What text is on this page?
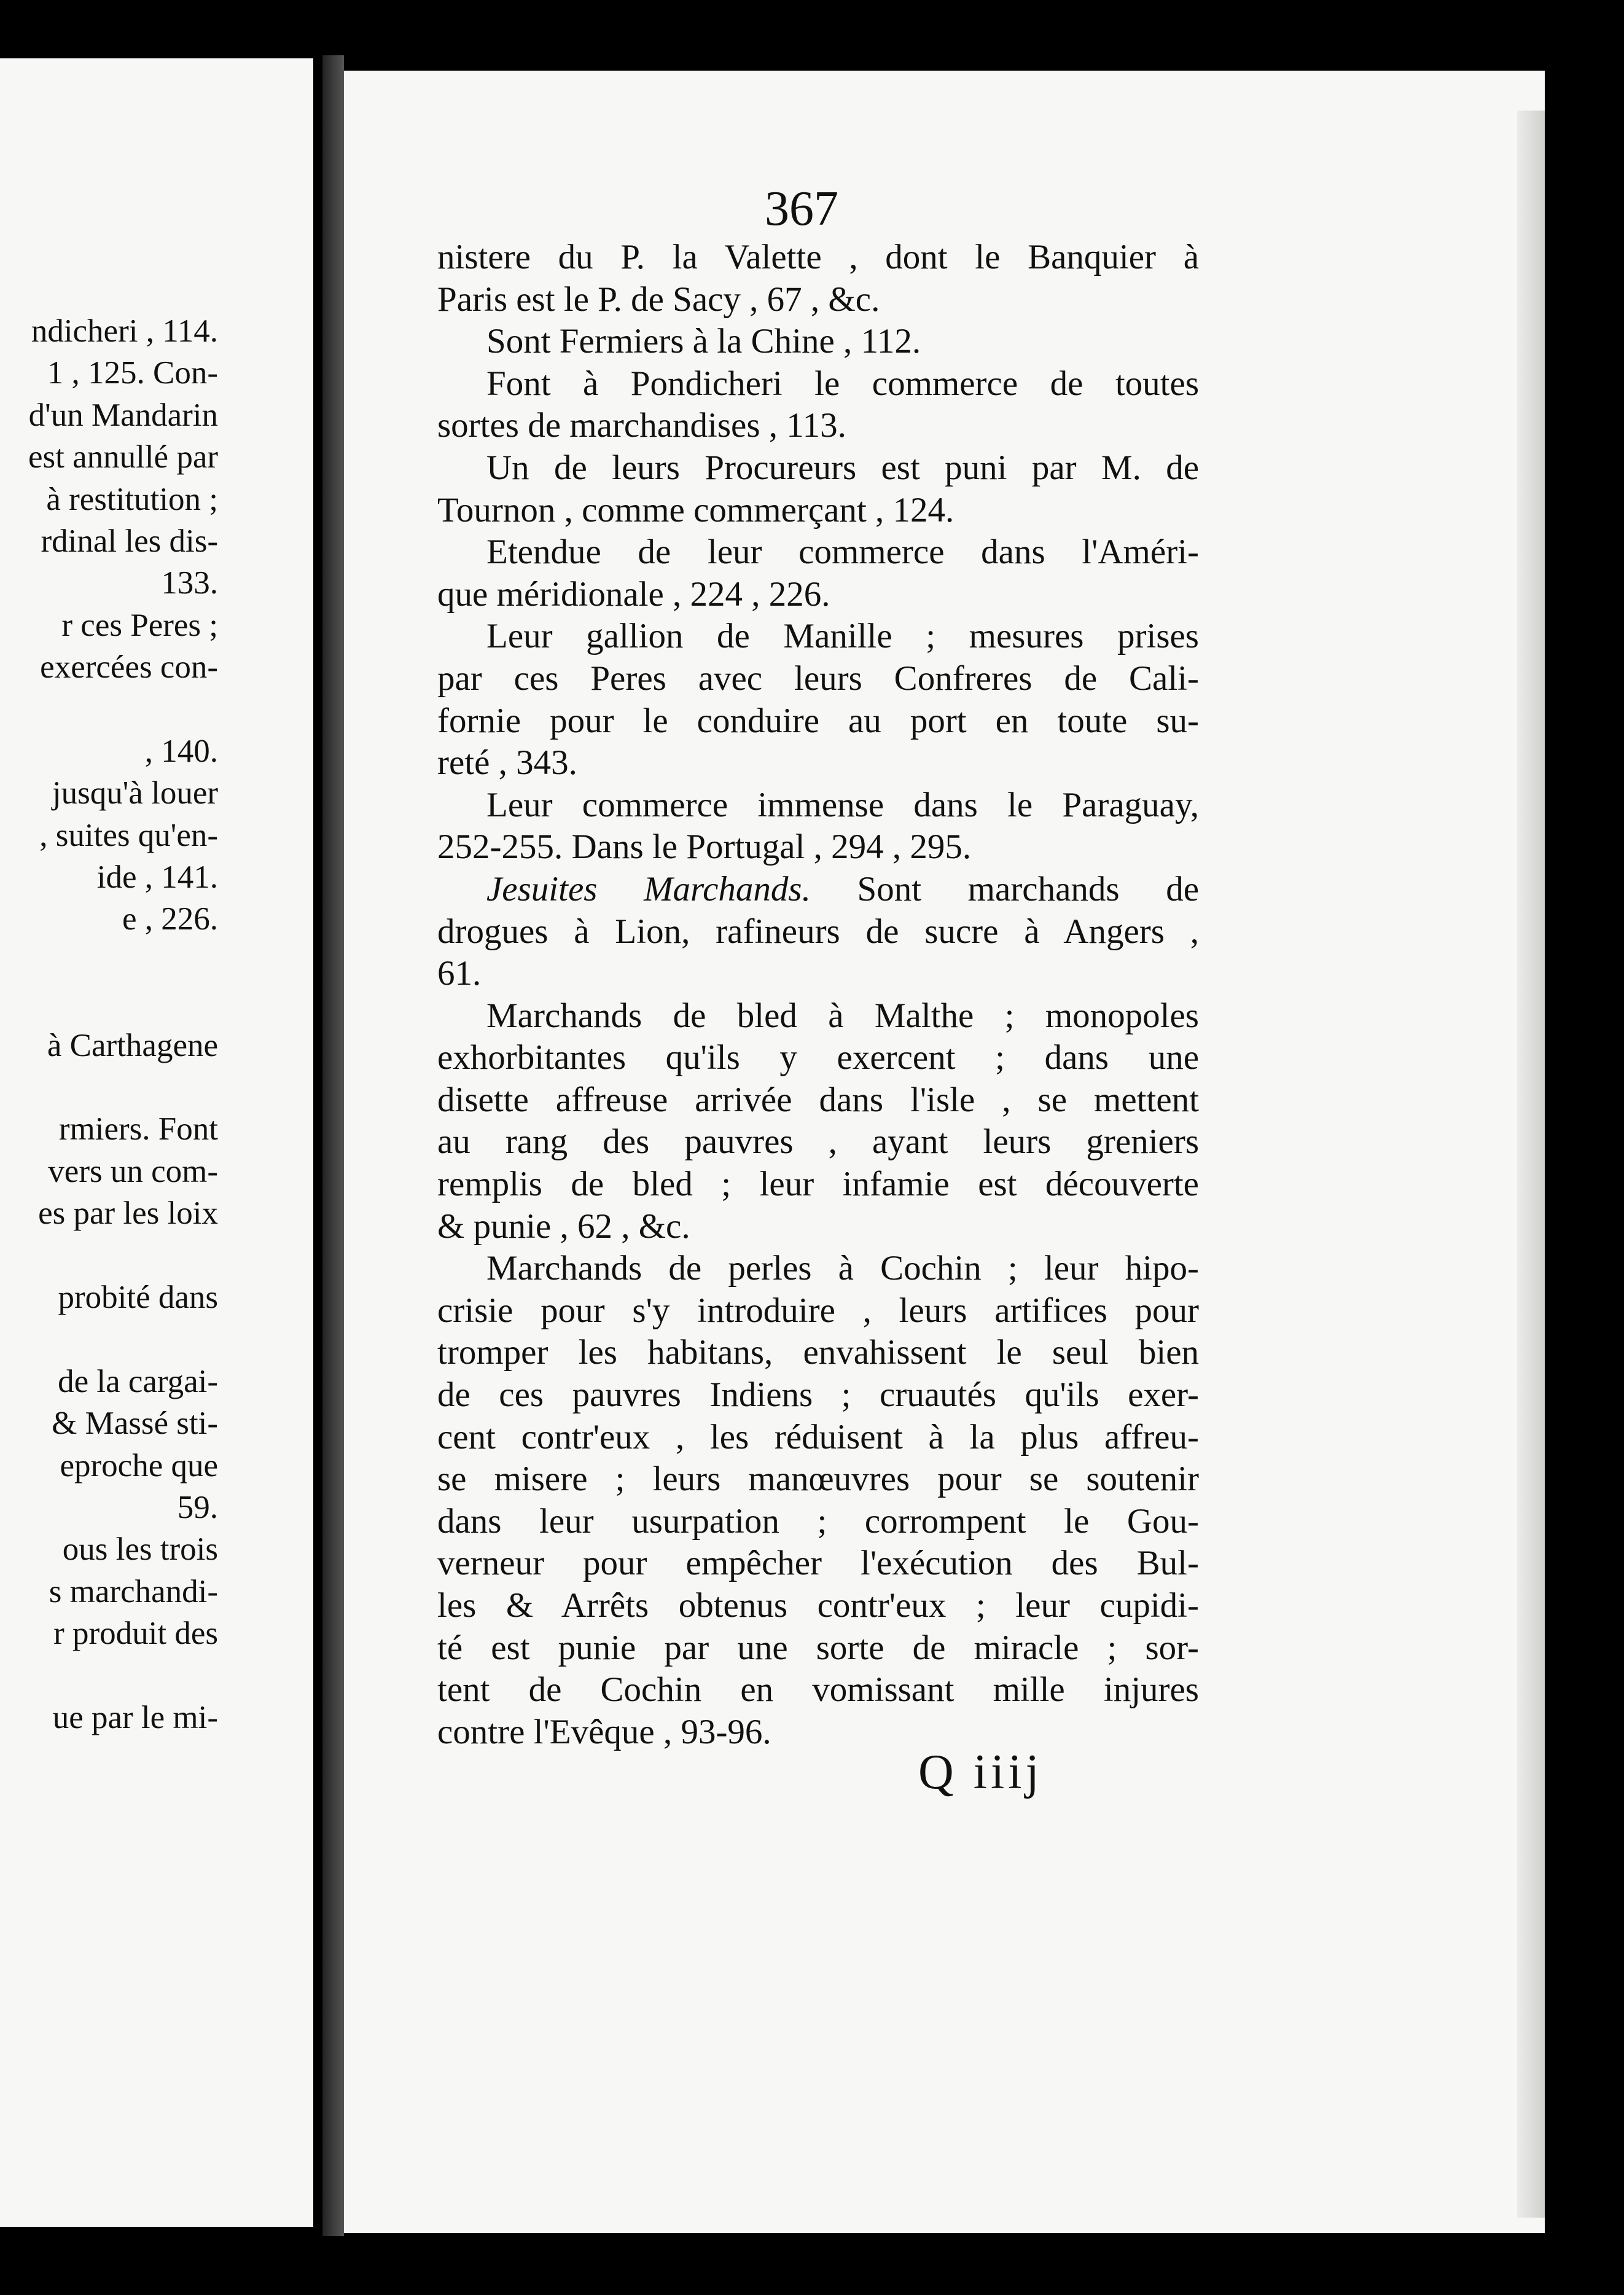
ndicheri , 114.
1 , 125. Con-
d'un Mandarin
est annullé par
à restitution ;
rdinal les dis-
133.
r ces Peres ;
exercées con-
, 140.
jusqu'à louer
, suites qu'en-
ide , 141.
e , 226.
à Carthagene
rmiers. Font
vers un com-
es par les loix
probité dans
de la cargai-
& Massé sti-
eproche que
59.
ous les trois
s marchandi-
r produit des
ue par le mi-
367
nistere du P. la Valette , dont le Banquier à
Paris est le P. de Sacy , 67 , &c.
Sont Fermiers à la Chine , 112.
Font à Pondicheri le commerce de toutes
sortes de marchandises , 113.
Un de leurs Procureurs est puni par M. de
Tournon , comme commerçant , 124.
Etendue de leur commerce dans l'Améri-
que méridionale , 224 , 226.
Leur gallion de Manille ; mesures prises
par ces Peres avec leurs Confreres de Cali-
fornie pour le conduire au port en toute su-
reté , 343.
Leur commerce immense dans le Paraguay,
252-255. Dans le Portugal , 294 , 295.
Jesuites Marchands. Sont marchands de
drogues à Lion, rafineurs de sucre à Angers ,
61.
Marchands de bled à Malthe ; monopoles
exhorbitantes qu'ils y exercent ; dans une
disette affreuse arrivée dans l'isle , se mettent
au rang des pauvres , ayant leurs greniers
remplis de bled ; leur infamie est découverte
& punie , 62 , &c.
Marchands de perles à Cochin ; leur hipo-
crisie pour s'y introduire , leurs artifices pour
tromper les habitans, envahissent le seul bien
de ces pauvres Indiens ; cruautés qu'ils exer-
cent contr'eux , les réduisent à la plus affreu-
se misere ; leurs manœuvres pour se soutenir
dans leur usurpation ; corrompent le Gou-
verneur pour empêcher l'exécution des Bul-
les & Arrêts obtenus contr'eux ; leur cupidi-
té est punie par une sorte de miracle ; sor-
tent de Cochin en vomissant mille injures
contre l'Evêque , 93-96.
Q iiij
